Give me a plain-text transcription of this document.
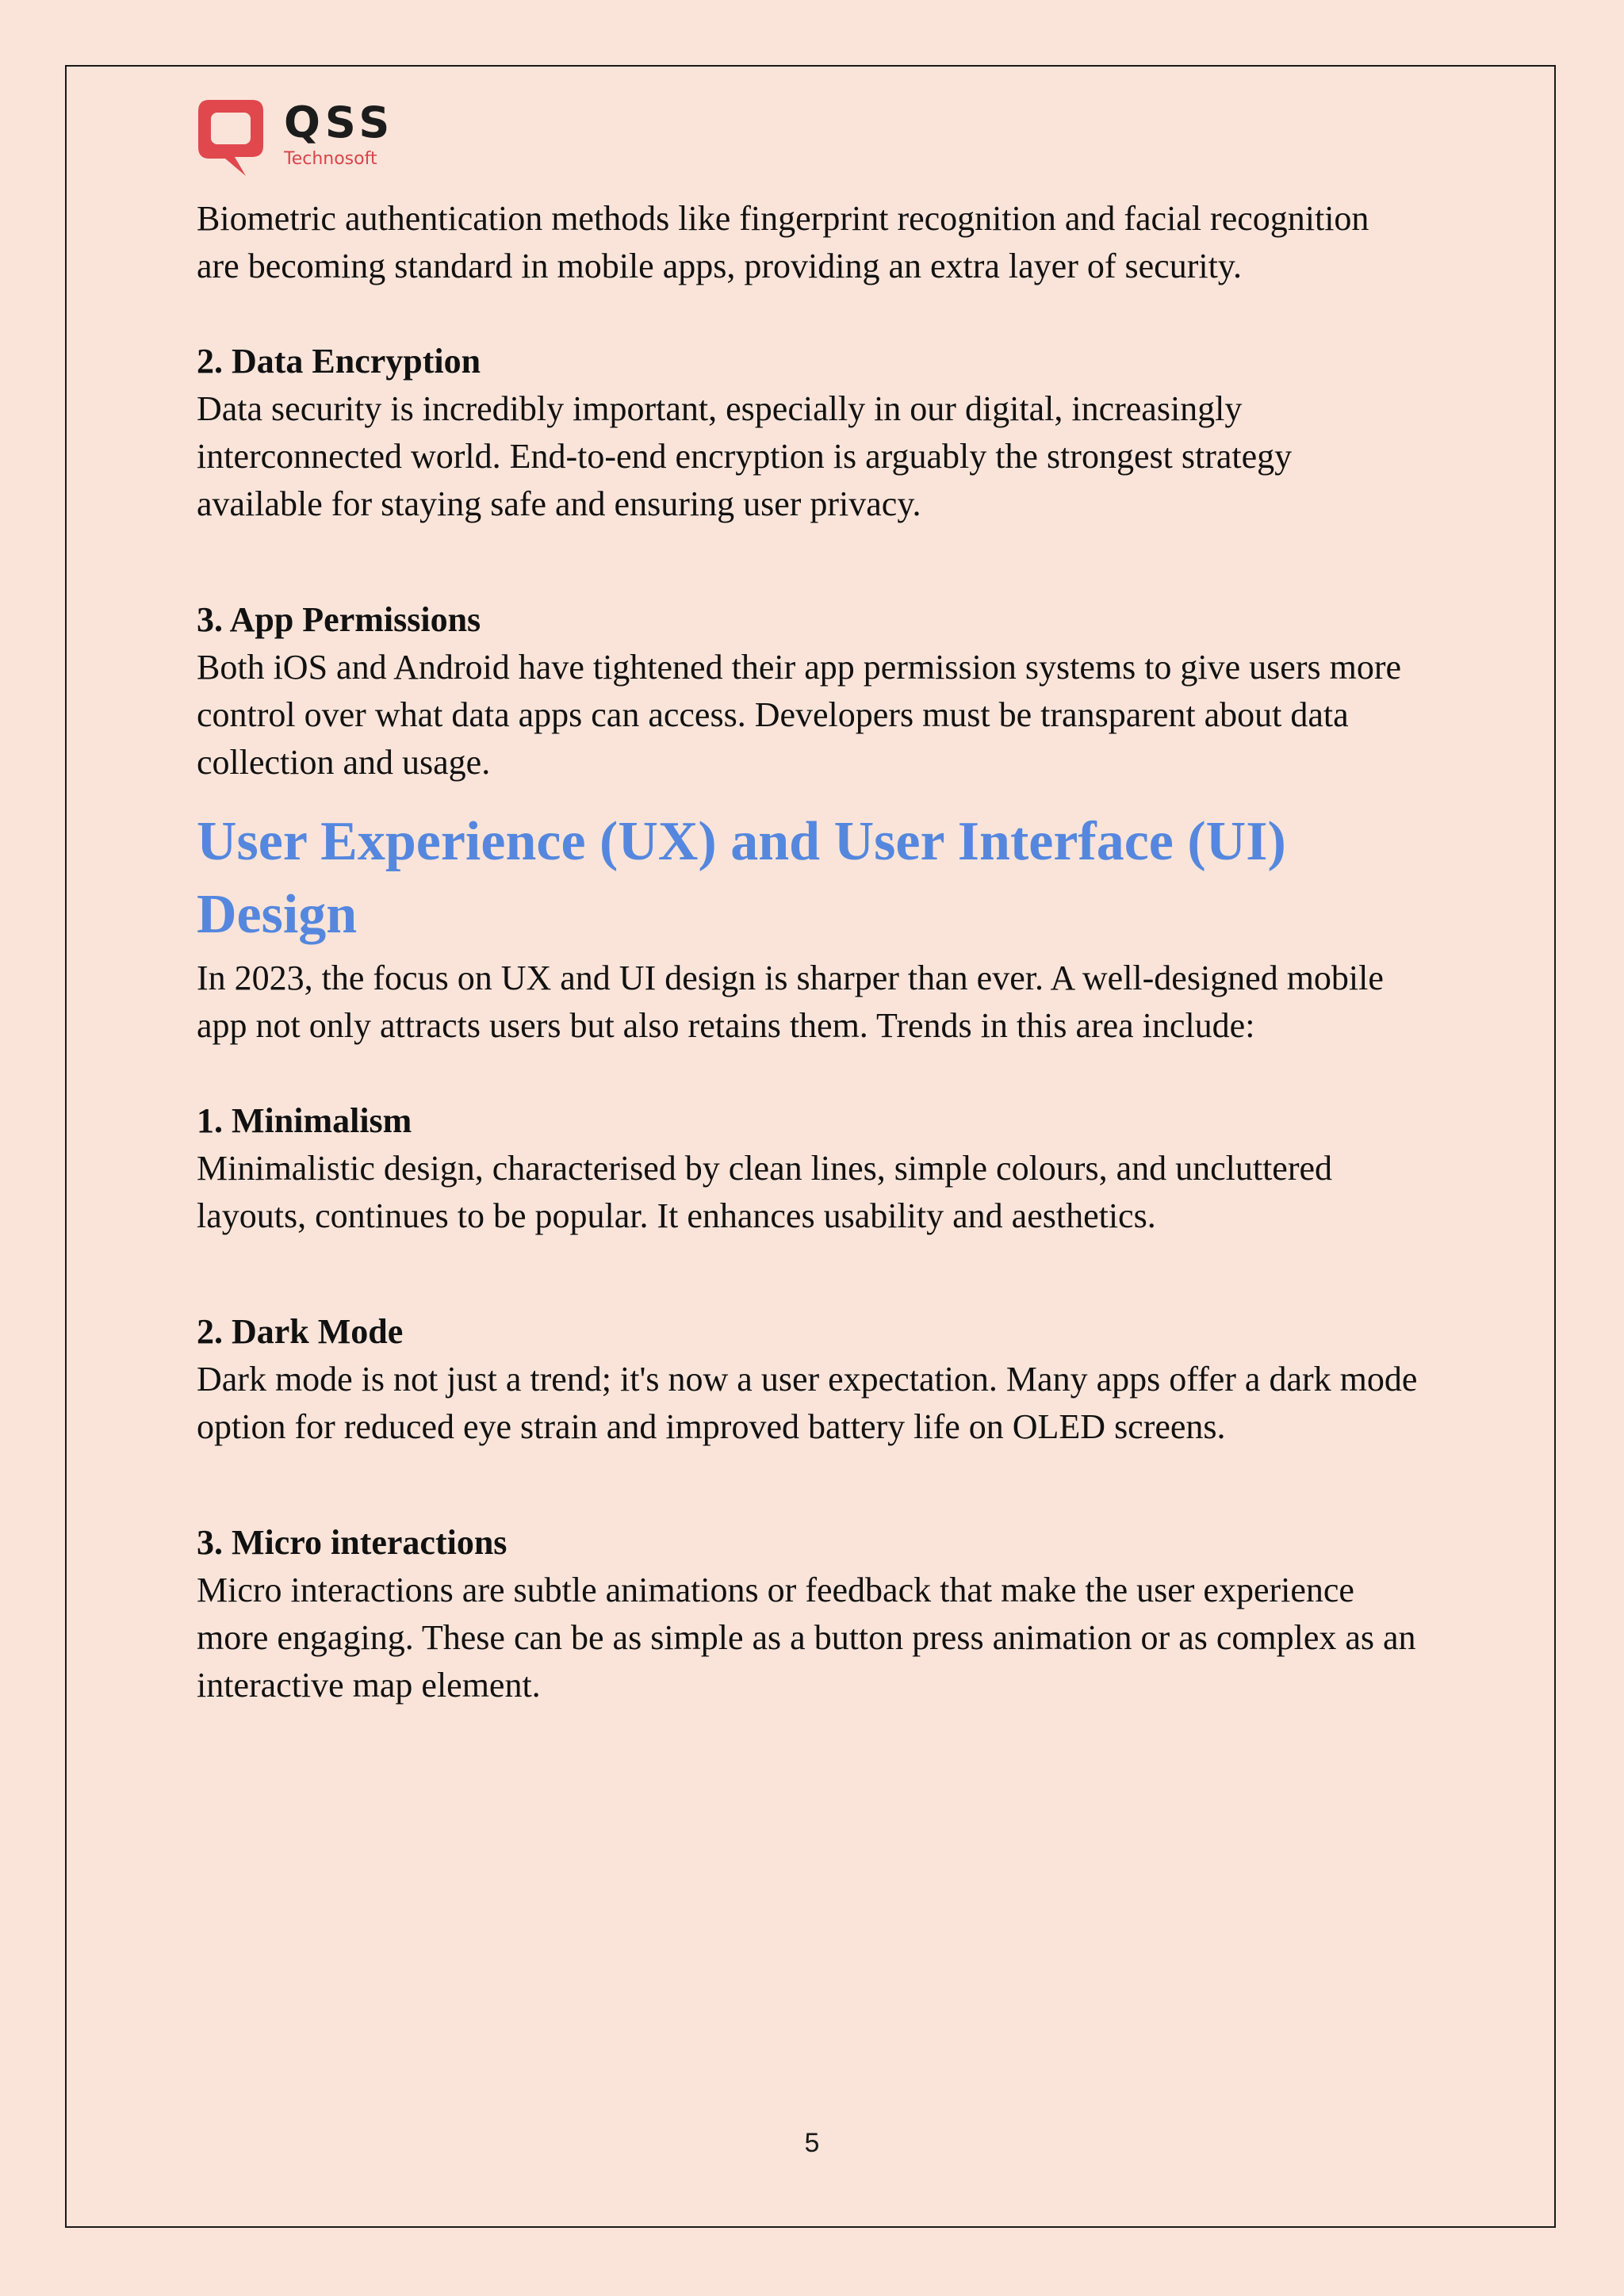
QSS
Technosoft

Biometric authentication methods like fingerprint recognition and facial recognition are becoming standard in mobile apps, providing an extra layer of security.

2. Data Encryption

Data security is incredibly important, especially in our digital, increasingly interconnected world. End-to-end encryption is arguably the strongest strategy available for staying safe and ensuring user privacy.

3. App Permissions

Both iOS and Android have tightened their app permission systems to give users more control over what data apps can access. Developers must be transparent about data collection and usage.

User Experience (UX) and User Interface (UI) Design

In 2023, the focus on UX and UI design is sharper than ever. A well-designed mobile app not only attracts users but also retains them. Trends in this area include:

1. Minimalism

Minimalistic design, characterised by clean lines, simple colours, and uncluttered layouts, continues to be popular. It enhances usability and aesthetics.

2. Dark Mode

Dark mode is not just a trend; it's now a user expectation. Many apps offer a dark mode option for reduced eye strain and improved battery life on OLED screens.

3. Micro interactions

Micro interactions are subtle animations or feedback that make the user experience more engaging. These can be as simple as a button press animation or as complex as an interactive map element.

5
